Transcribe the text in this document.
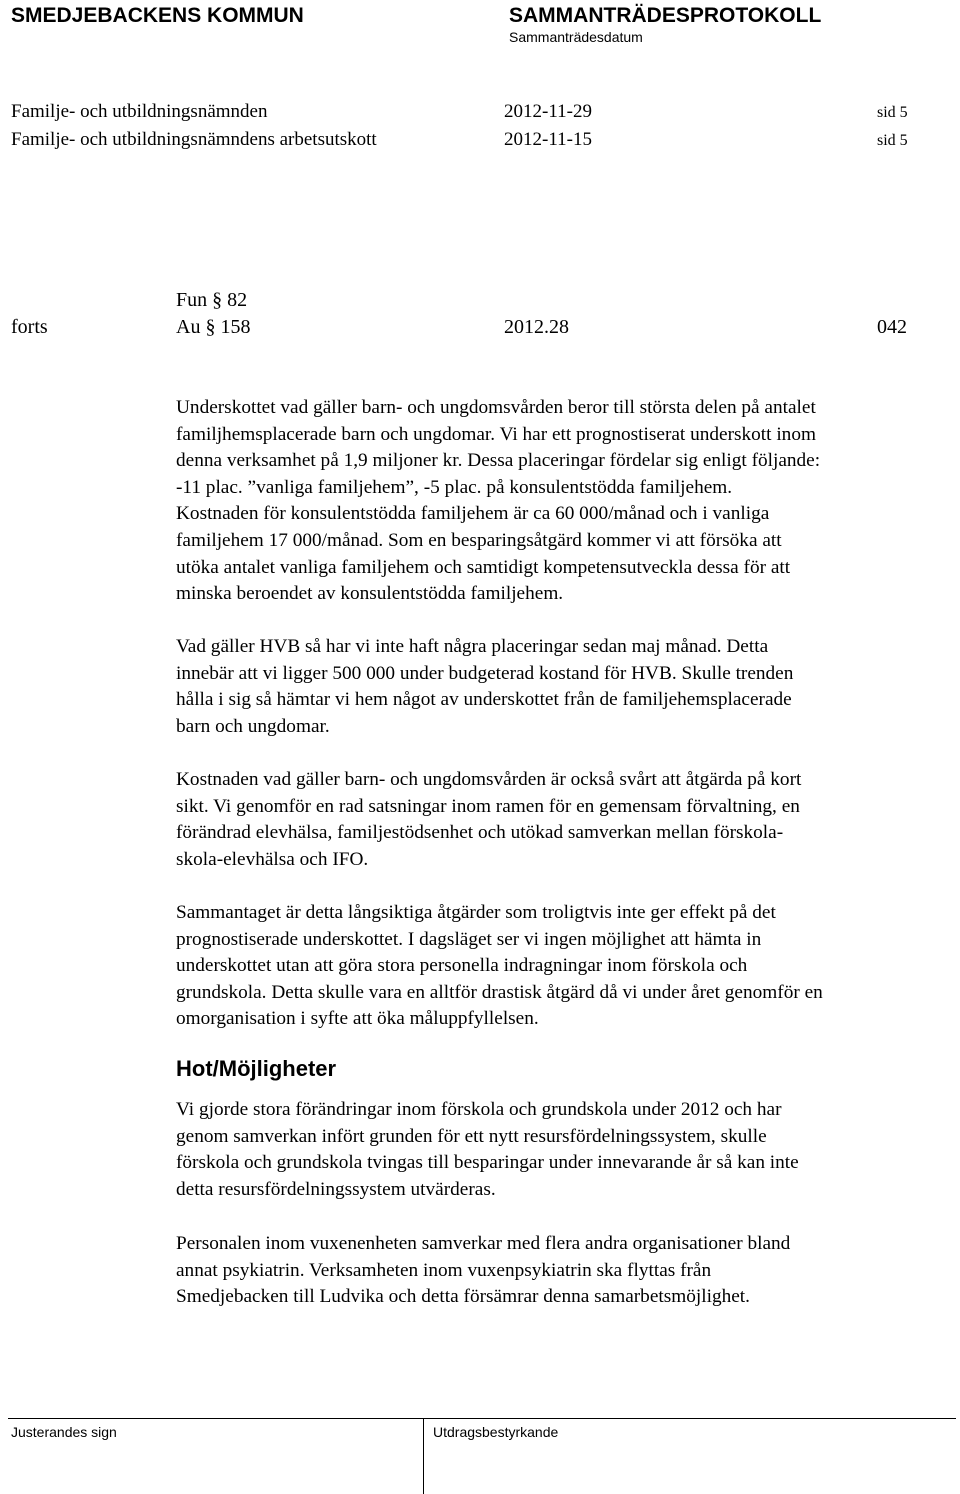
SMEDJEBACKENS KOMMUN	SAMMANTRÄDESPROTOKOLL
Sammanträdesdatum
Familje- och utbildningsnämnden	2012-11-29	sid 5
Familje- och utbildningsnämndens arbetsutskott	2012-11-15	sid 5
Fun § 82
forts	Au § 158	2012.28	042
Underskottet vad gäller barn- och ungdomsvården beror till största delen på antalet
familjhemsplacerade barn och ungdomar. Vi har ett prognostiserat underskott inom
denna verksamhet på 1,9 miljoner kr. Dessa placeringar fördelar sig enligt följande:
-11 plac. ”vanliga familjehem”, -5 plac. på konsulentstödda familjehem.
Kostnaden för konsulentstödda familjehem är ca 60 000/månad och i vanliga
familjehem 17 000/månad. Som en besparingsåtgärd kommer vi att försöka att
utöka antalet vanliga familjehem och samtidigt kompetensutveckla dessa för att
minska beroendet av konsulentstödda familjehem.
Vad gäller HVB så har vi inte haft några placeringar sedan maj månad. Detta
innebär att vi ligger 500 000 under budgeterad kostand för HVB. Skulle trenden
hålla i sig så hämtar vi hem något av underskottet från de familjehemsplacerade
barn och ungdomar.
Kostnaden vad gäller barn- och ungdomsvården är också svårt att åtgärda på kort
sikt. Vi genomför en rad satsningar inom ramen för en gemensam förvaltning, en
förändrad elevhälsa, familjestödsenhet och utökad samverkan mellan förskola-
skola-elevhälsa och IFO.
Sammantaget är detta långsiktiga åtgärder som troligtvis inte ger effekt på det
prognostiserade underskottet. I dagsläget ser vi ingen möjlighet att hämta in
underskottet utan att göra stora personella indragningar inom förskola och
grundskola. Detta skulle vara en alltför drastisk åtgärd då vi under året genomför en
omorganisation i syfte att öka måluppfyllelsen.
Hot/Möjligheter
Vi gjorde stora förändringar inom förskola och grundskola under 2012 och har
genom samverkan infört grunden för ett nytt resursfördelningssystem, skulle
förskola och grundskola tvingas till besparingar under innevarande år så kan inte
detta resursfördelningssystem utvärderas.
Personalen inom vuxenenheten samverkar med flera andra organisationer bland
annat psykiatrin. Verksamheten inom vuxenpsykiatrin ska flyttas från
Smedjebacken till Ludvika och detta försämrar denna samarbetsmöjlighet.
Justerandes sign	Utdragsbestyrkande
